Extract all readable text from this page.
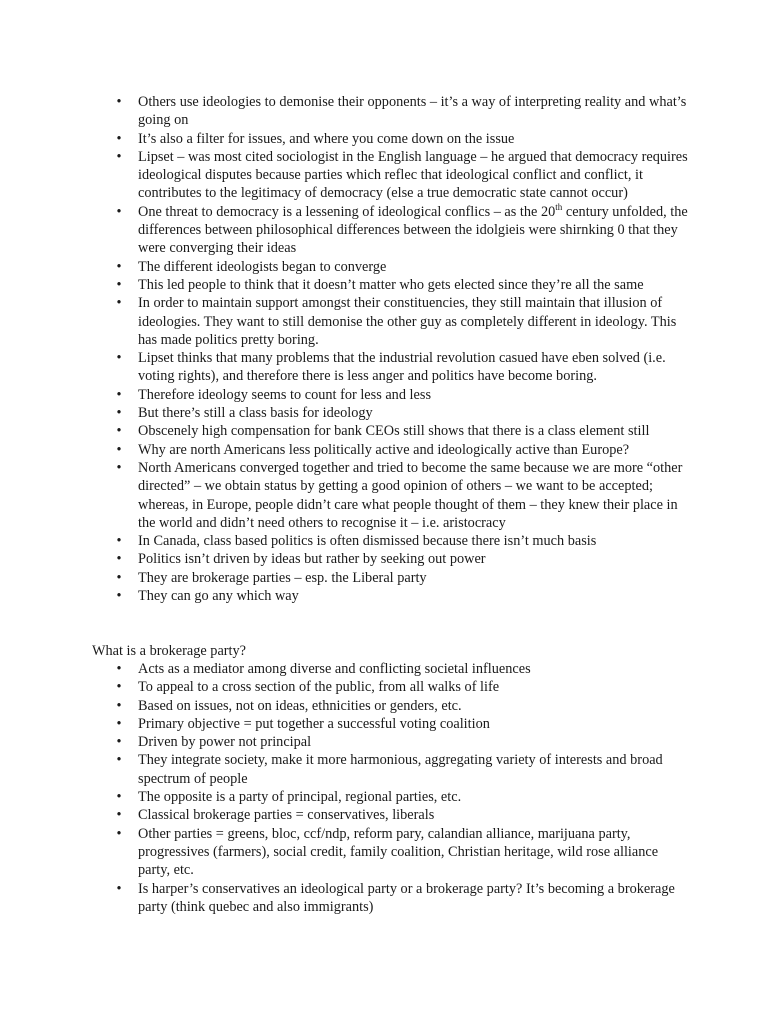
• Others use ideologies to demonise their opponents – it’s a way of interpreting reality and what’s going on
• It’s also a filter for issues, and where you come down on the issue
• Lipset – was most cited sociologist in the English language – he argued that democracy requires ideological disputes because parties which reflec that ideological conflict and conflict, it contributes to the legitimacy of democracy (else a true democratic state cannot occur)
• One threat to democracy is a lessening of ideological conflics – as the 20th century unfolded, the differences between philosophical differences between the idolgieis were shirnking 0 that they were converging their ideas
• The different ideologists began to converge
• This led people to think that it doesn’t matter who gets elected since they’re all the same
• In order to maintain support amongst their constituencies, they still maintain that illusion of ideologies. They want to still demonise the other guy as completely different in ideology. This has made politics pretty boring.
• Lipset thinks that many problems that the industrial revolution casued have eben solved (i.e. voting rights), and therefore there is less anger and politics have become boring.
• Therefore ideology seems to count for less and less
• But there’s still a class basis for ideology
• Obscenely high compensation for bank CEOs still shows that there is a class element still
• Why are north Americans less politically active and ideologically active than Europe?
• North Americans converged together and tried to become the same because we are more “other directed” – we obtain status by getting a good opinion of others – we want to be accepted; whereas, in Europe, people didn’t care what people thought of them – they knew their place in the world and didn’t need others to recognise it – i.e. aristocracy
• In Canada, class based politics is often dismissed because there isn’t much basis
• Politics isn’t driven by ideas but rather by seeking out power
• They are brokerage parties – esp. the Liberal party
• They can go any which way
What is a brokerage party?
• Acts as a mediator among diverse and conflicting societal influences
• To appeal to a cross section of the public, from all walks of life
• Based on issues, not on ideas, ethnicities or genders, etc.
• Primary objective = put together a successful voting coalition
• Driven by power not principal
• They integrate society, make it more harmonious, aggregating variety of interests and broad spectrum of people
• The opposite is a party of principal, regional parties, etc.
• Classical brokerage parties = conservatives, liberals
• Other parties = greens, bloc, ccf/ndp, reform pary, calandian alliance, marijuana party, progressives (farmers), social credit, family coalition, Christian heritage, wild rose alliance party, etc.
• Is harper’s conservatives an ideological party or a brokerage party? It’s becoming a brokerage party (think quebec and also immigrants)
